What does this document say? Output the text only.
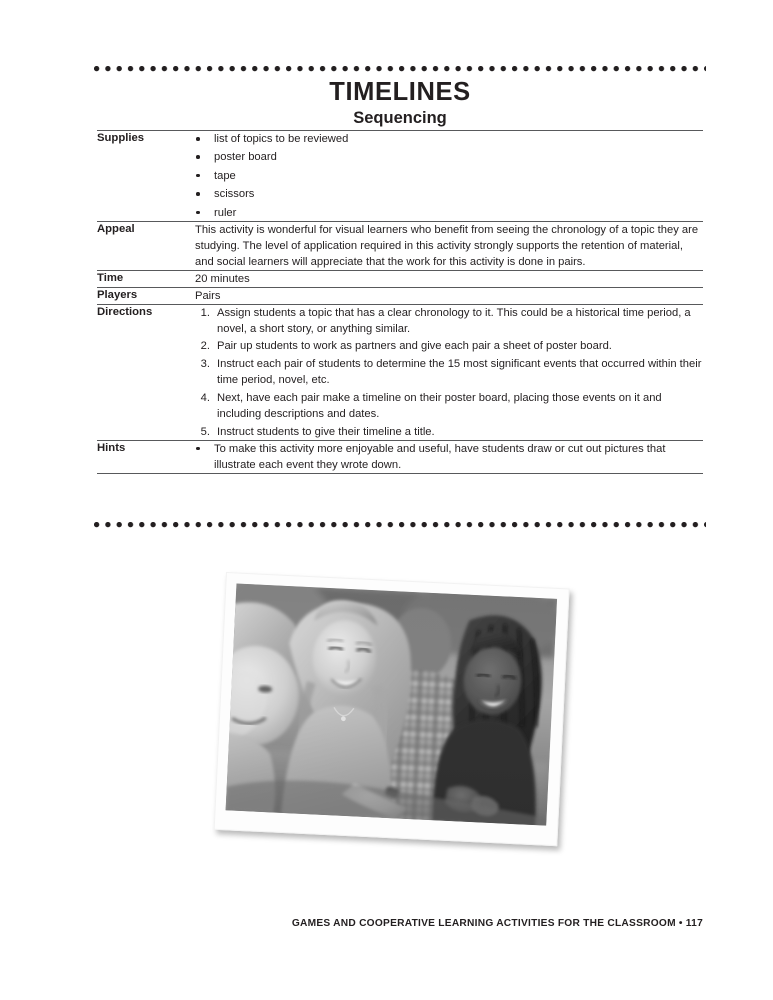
TIMELINES
Sequencing
Supplies	list of topics to be reviewed
poster board
tape
scissors
ruler

Appeal	This activity is wonderful for visual learners who benefit from seeing the chronology of a topic they are studying. The level of application required in this activity strongly supports the retention of material, and social learners will appreciate that the work for this activity is done in pairs.

Time	20 minutes

Players	Pairs

Directions	1. Assign students a topic that has a clear chronology to it. This could be a historical time period, a novel, a short story, or anything similar.
2. Pair up students to work as partners and give each pair a sheet of poster board.
3. Instruct each pair of students to determine the 15 most significant events that occurred within their time period, novel, etc.
4. Next, have each pair make a timeline on their poster board, placing those events on it and including descriptions and dates.
5. Instruct students to give their timeline a title.

Hints	To make this activity more enjoyable and useful, have students draw or cut out pictures that illustrate each event they wrote down.
GAMES AND COOPERATIVE LEARNING ACTIVITIES FOR THE CLASSROOM • 117
